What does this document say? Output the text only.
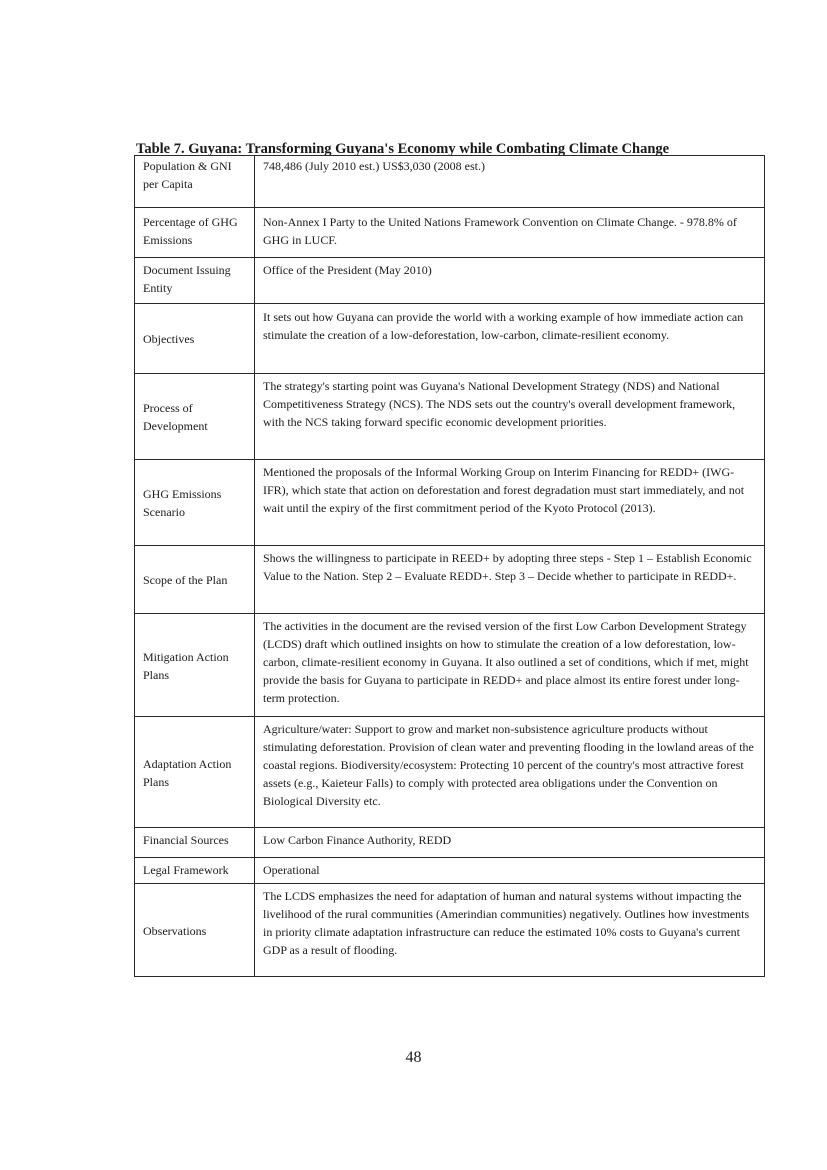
Table 7. Guyana: Transforming Guyana's Economy while Combating Climate Change
Population & GNI per Capita	748,486 (July 2010 est.) US$3,030 (2008 est.)
Percentage of GHG Emissions	Non-Annex I Party to the United Nations Framework Convention on Climate Change. - 978.8% of GHG in LUCF.
Document Issuing Entity	Office of the President (May 2010)
Objectives	It sets out how Guyana can provide the world with a working example of how immediate action can stimulate the creation of a low-deforestation, low-carbon, climate-resilient economy.
Process of Development	The strategy's starting point was Guyana's National Development Strategy (NDS) and National Competitiveness Strategy (NCS). The NDS sets out the country's overall development framework, with the NCS taking forward specific economic development priorities.
GHG Emissions Scenario	Mentioned the proposals of the Informal Working Group on Interim Financing for REDD+ (IWG-IFR), which state that action on deforestation and forest degradation must start immediately, and not wait until the expiry of the first commitment period of the Kyoto Protocol (2013).
Scope of the Plan	Shows the willingness to participate in REED+ by adopting three steps - Step 1 – Establish Economic Value to the Nation. Step 2 – Evaluate REDD+. Step 3 – Decide whether to participate in REDD+.
Mitigation Action Plans	The activities in the document are the revised version of the first Low Carbon Development Strategy (LCDS) draft which outlined insights on how to stimulate the creation of a low deforestation, low-carbon, climate-resilient economy in Guyana. It also outlined a set of conditions, which if met, might provide the basis for Guyana to participate in REDD+ and place almost its entire forest under long-term protection.
Adaptation Action Plans	Agriculture/water: Support to grow and market non-subsistence agriculture products without stimulating deforestation. Provision of clean water and preventing flooding in the lowland areas of the coastal regions. Biodiversity/ecosystem: Protecting 10 percent of the country's most attractive forest assets (e.g., Kaieteur Falls) to comply with protected area obligations under the Convention on Biological Diversity etc.
Financial Sources	Low Carbon Finance Authority, REDD
Legal Framework	Operational
Observations	The LCDS emphasizes the need for adaptation of human and natural systems without impacting the livelihood of the rural communities (Amerindian communities) negatively. Outlines how investments in priority climate adaptation infrastructure can reduce the estimated 10% costs to Guyana's current GDP as a result of flooding.
48
